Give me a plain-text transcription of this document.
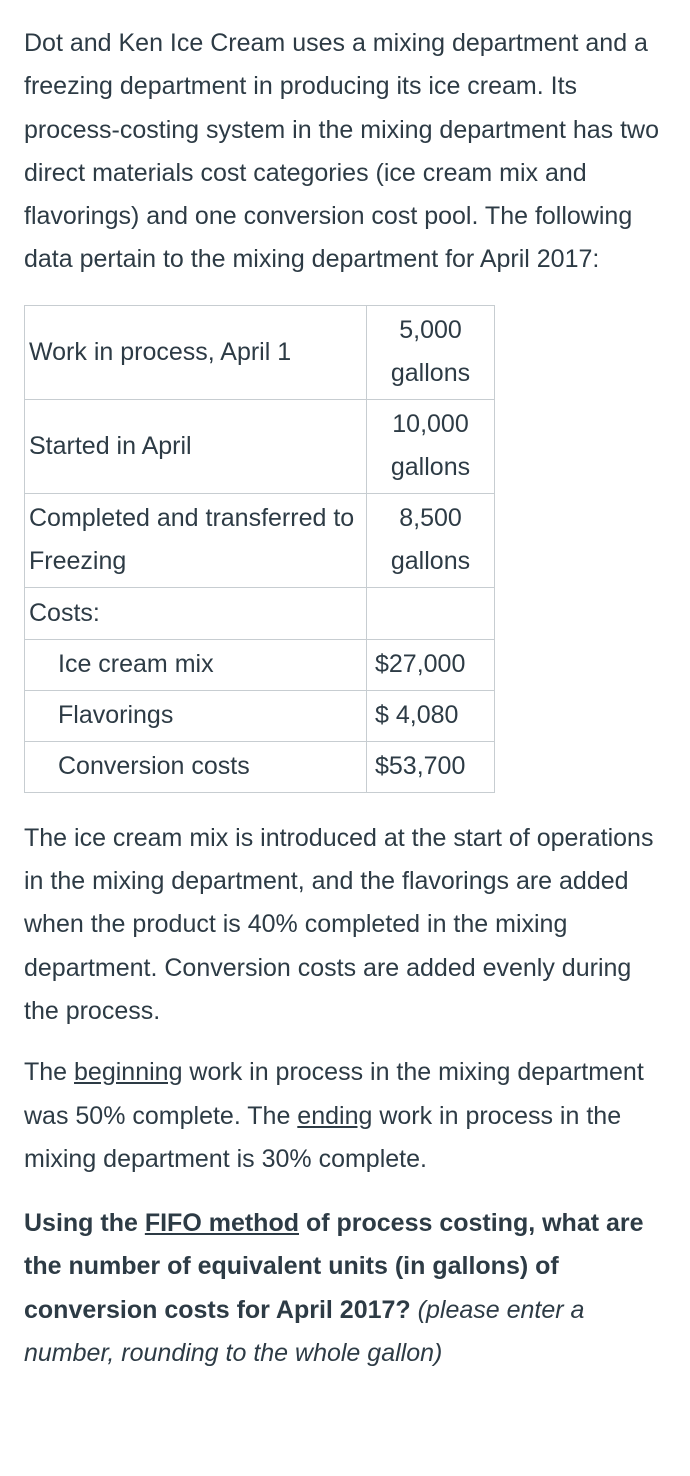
Dot and Ken Ice Cream uses a mixing department and a freezing department in producing its ice cream. Its process-costing system in the mixing department has two direct materials cost categories (ice cream mix and flavorings) and one conversion cost pool. The following data pertain to the mixing department for April 2017:

Work in process, April 1	5,000
gallons
Started in April	10,000
gallons
Completed and transferred to Freezing	8,500
gallons
Costs:	
Ice cream mix	$27,000
Flavorings	$ 4,080
Conversion costs	$53,700

The ice cream mix is introduced at the start of operations in the mixing department, and the flavorings are added when the product is 40% completed in the mixing department. Conversion costs are added evenly during the process.

The beginning work in process in the mixing department was 50% complete. The ending work in process in the mixing department is 30% complete.

Using the FIFO method of process costing, what are the number of equivalent units (in gallons) of conversion costs for April 2017? (please enter a number, rounding to the whole gallon)
